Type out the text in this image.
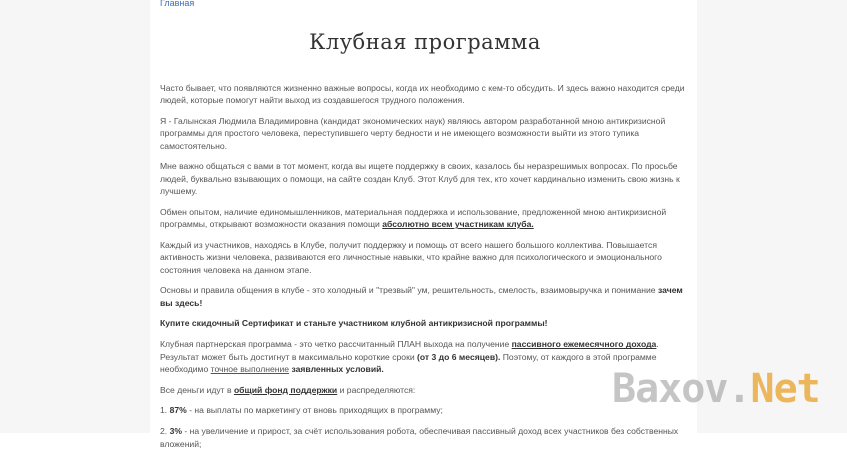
Главная
Клубная программа

Часто бывает, что появляются жизненно важные вопросы, когда их необходимо с кем-то обсудить. И здесь важно находится среди людей, которые помогут найти выход из создавшегося трудного положения.

Я - Галынская Людмила Владимировна (кандидат экономических наук) являюсь автором разработанной мною антикризисной программы для простого человека, переступившего черту бедности и не имеющего возможности выйти из этого тупика самостоятельно.

Мне важно общаться с вами в тот момент, когда вы ищете поддержку в своих, казалось бы неразрешимых вопросах. По просьбе людей, буквально взывающих о помощи, на сайте создан Клуб. Этот Клуб для тех, кто хочет кардинально изменить свою жизнь к лучшему.

Обмен опытом, наличие единомышленников, материальная поддержка и использование, предложенной мною антикризисной программы, открывают возможности оказания помощи абсолютно всем участникам клуба.

Каждый из участников, находясь в Клубе, получит поддержку и помощь от всего нашего большого коллектива. Повышается активность жизни человека, развиваются его личностные навыки, что крайне важно для психологического и эмоционального состояния человека на данном этапе.

Основы и правила общения в клубе - это холодный и "трезвый" ум, решительность, смелость, взаимовыручка и понимание зачем вы здесь!

Купите скидочный Сертификат и станьте участником клубной антикризисной программы!

Клубная партнерская программа - это четко рассчитанный ПЛАН выхода на получение пассивного ежемесячного дохода. Результат может быть достигнут в максимально короткие сроки (от 3 до 6 месяцев). Поэтому, от каждого в этой программе необходимо точное выполнение заявленных условий.

Все деньги идут в общий фонд поддержки и распределяются:

1. 87% - на выплаты по маркетингу от вновь приходящих в программу;

2. 3% - на увеличение и прирост, за счёт использования робота, обеспечивая пассивный доход всех участников без собственных вложений;

Baxov.Net
